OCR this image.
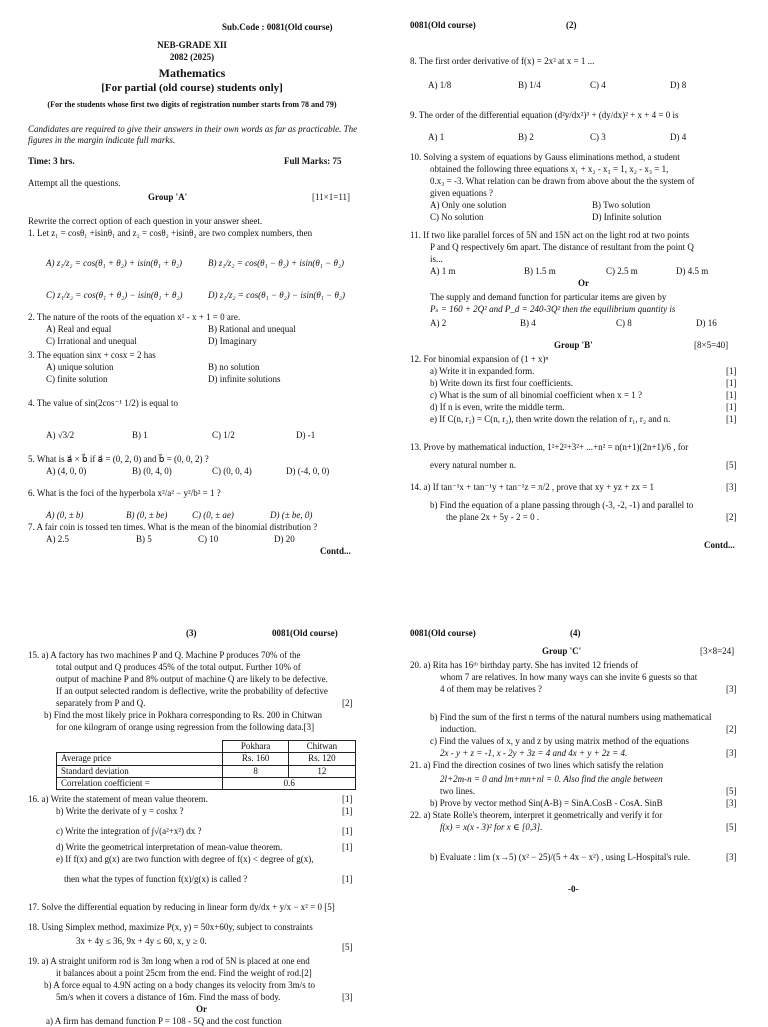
Sub.Code : 0081(Old course)
NEB-GRADE XII
2082 (2025)
Mathematics
[For partial (old course) students only]
(For the students whose first two digits of registration number starts from 78 and 79)
Candidates are required to give their answers in their own words as far as practicable. The figures in the margin indicate full marks.
Time: 3 hrs.	Full Marks: 75
Attempt all the questions.
Group 'A'	[11×1=11]
Rewrite the correct option of each question in your answer sheet.
1. Let z₁ = cosθ₁ +isinθ₁ and z₂ = cosθ₂ +isinθ₂ are two complex numbers, then
A) z₁/z₂ = cos(θ₁ + θ₂) + isin(θ₁ + θ₂)	B) z₁/z₂ = cos(θ₁ − θ₂) + isin(θ₁ − θ₂)
C) z₁/z₂ = cos(θ₁ + θ₂) − isin(θ₁ + θ₂)	D) z₁/z₂ = cos(θ₁ − θ₂) − isin(θ₁ − θ₂)
2. The nature of the roots of the equation x² - x + 1 = 0 are.
A) Real and equal	B) Rational and unequal
C) Irrational and unequal	D) Imaginary
3. The equation sinx + cosx = 2 has
A) unique solution	B) no solution
C) finite solution	D) infinite solutions
4. The value of sin(2cos⁻¹ 1/2) is equal to
A) √3/2	B) 1	C) 1/2	D) -1
5. What is a⃗ × b⃗ if a⃗ = (0, 2, 0) and b⃗ = (0, 0, 2) ?
A) (4, 0, 0)	B) (0, 4, 0)	C) (0, 0, 4)	D) (-4, 0, 0)
6. What is the foci of the hyperbola x²/a² − y²/b² = 1 ?
A) (0, ± b)	B) (0, ± be)	C) (0, ± ae)	D) (± be, 0)
7. A fair coin is tossed ten times. What is the mean of the binomial distribution ?
A) 2.5	B) 5	C) 10	D) 20
Contd...
0081(Old course)	(2)
8. The first order derivative of f(x) = 2x² at x = 1 ...
A) 1/8	B) 1/4	C) 4	D) 8
9. The order of the differential equation (d²y/dx²)³ + (dy/dx)² + x + 4 = 0 is
A) 1	B) 2	C) 3	D) 4
10. Solving a system of equations by Gauss eliminations method, a student
obtained the following three equations x₁ + x₂ - x₃ = 1, x₂ - x₃ = 1,
0.x₃ = -3. What relation can be drawn from above about the the system of
given equations ?
A) Only one solution	B) Two solution
C) No solution	D) Infinite solution
11. If two like parallel forces of 5N and 15N act on the light rod at two points
P and Q respectively 6m apart. The distance of resultant from the point Q
is...
A) 1 m	B) 1.5 m	C) 2.5 m	D) 4.5 m
Or
The supply and demand function for particular items are given by
Pₛ = 160 + 2Q² and P_d = 240-3Q² then the equilibrium quantity is
A) 2	B) 4	C) 8	D) 16
Group 'B'	[8×5=40]
12. For binomial expansion of (1 + x)ⁿ
a) Write it in expanded form.	[1]
b) Write down its first four coefficients.	[1]
c) What is the sum of all binomial coefficient when x = 1 ?	[1]
d) If n is even, write the middle term.	[1]
e) If C(n, r₁) = C(n, r₂), then write down the relation of r₁, r₂ and n.	[1]
13. Prove by mathematical induction, 1²+2²+3²+ ...+n² = n(n+1)(2n+1)/6 , for
every natural number n.	[5]
14. a) If tan⁻¹x + tan⁻¹y + tan⁻¹z = π/2 , prove that xy + yz + zx = 1	[3]
b) Find the equation of a plane passing through (-3, -2, -1) and parallel to
the plane 2x + 5y - 2 = 0 .	[2]
Contd...
(3)	0081(Old course)
15. a) A factory has two machines P and Q. Machine P produces 70% of the
total output and Q produces 45% of the total output. Further 10% of
output of machine P and 8% output of machine Q are likely to be defective.
If an output selected random is deflective, write the probability of defective
separately from P and Q.	[2]
b) Find the most likely price in Pokhara corresponding to Rs. 200 in Chitwan
for one kilogram of orange using regression from the following data.[3]
	Pokhara	Chitwan
Average price	Rs. 160	Rs. 120
Standard deviation	8	12
Correlation coefficient =	0.6	
16. a) Write the statement of mean value theorem.	[1]
b) Write the derivate of y = coshx ?	[1]
c) Write the integration of ∫√(a²+x²) dx ?	[1]
d) Write the geometrical interpretation of mean-value theorem.	[1]
e) If f(x) and g(x) are two function with degree of f(x) < degree of g(x),
then what the types of function f(x)/g(x) is called ?	[1]
17. Solve the differential equation by reducing in linear form dy/dx + y/x − x² = 0 [5]
18. Using Simplex method, maximize P(x, y) = 50x+60y, subject to constraints
3x + 4y ≤ 36, 9x + 4y ≤ 60, x, y ≥ 0.
[5]
19. a) A straight uniform rod is 3m long when a rod of 5N is placed at one end
it balances about a point 25cm from the end. Find the weight of rod.[2]
b) A force equal to 4.9N acting on a body changes its velocity from 3m/s to
5m/s when it covers a distance of 16m. Find the mass of body.	[3]
Or
a) A firm has demand function P = 108 - 5Q and the cost function
0081(Old course)	(4)
Group 'C'	[3×8=24]
20. a) Rita has 16ᵗʰ birthday party. She has invited 12 friends of
whom 7 are relatives. In how many ways can she invite 6 guests so that
4 of them may be relatives ?	[3]
b) Find the sum of the first n terms of the natural numbers using mathematical
induction.	[2]
c) Find the values of x, y and z by using matrix method of the equations
2x - y + z = -1, x - 2y + 3z = 4 and 4x + y + 2z = 4.	[3]
21. a) Find the direction cosines of two lines which satisfy the relation
2l+2m-n = 0 and lm+mn+nl = 0. Also find the angle between
two lines.	[5]
b) Prove by vector method Sin(A-B) = SinA.CosB - CosA. SinB	[3]
22. a) State Rolle's theorem, interpret it geometrically and verify it for
f(x) = x(x - 3)² for x ∈ [0,3].	[5]
b) Evaluate : lim (x→5) (x² − 25)/(5 + 4x − x²) , using L-Hospital's rule.	[3]
-0-
